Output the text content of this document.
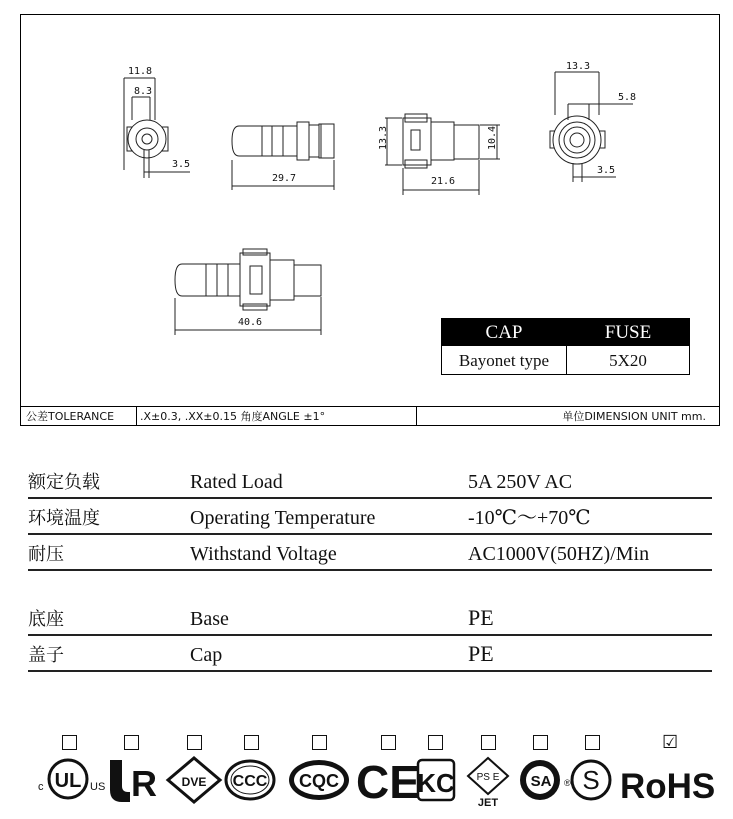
11.8
8.3
3.5
29.7
13.3	10.4
21.6
13.3
5.8
3.5
40.6	CAP	FUSE
Bayonet type	5X20
公差TOLERANCE .X±0.3, .XX±0.15 角度ANGLE ±1°	单位DIMENSION UNIT mm.
额定负载	Rated Load	5A 250V AC
环境温度	Operating Temperature	-10℃～+70℃
耐压	Withstand Voltage	AC1000V(50HZ)/Min
底座	Base	PE
盖子	Cap	PE
☑
c UL US R DVE CCC CQC CE
KC PS E
JET
SA ® S RoHS
